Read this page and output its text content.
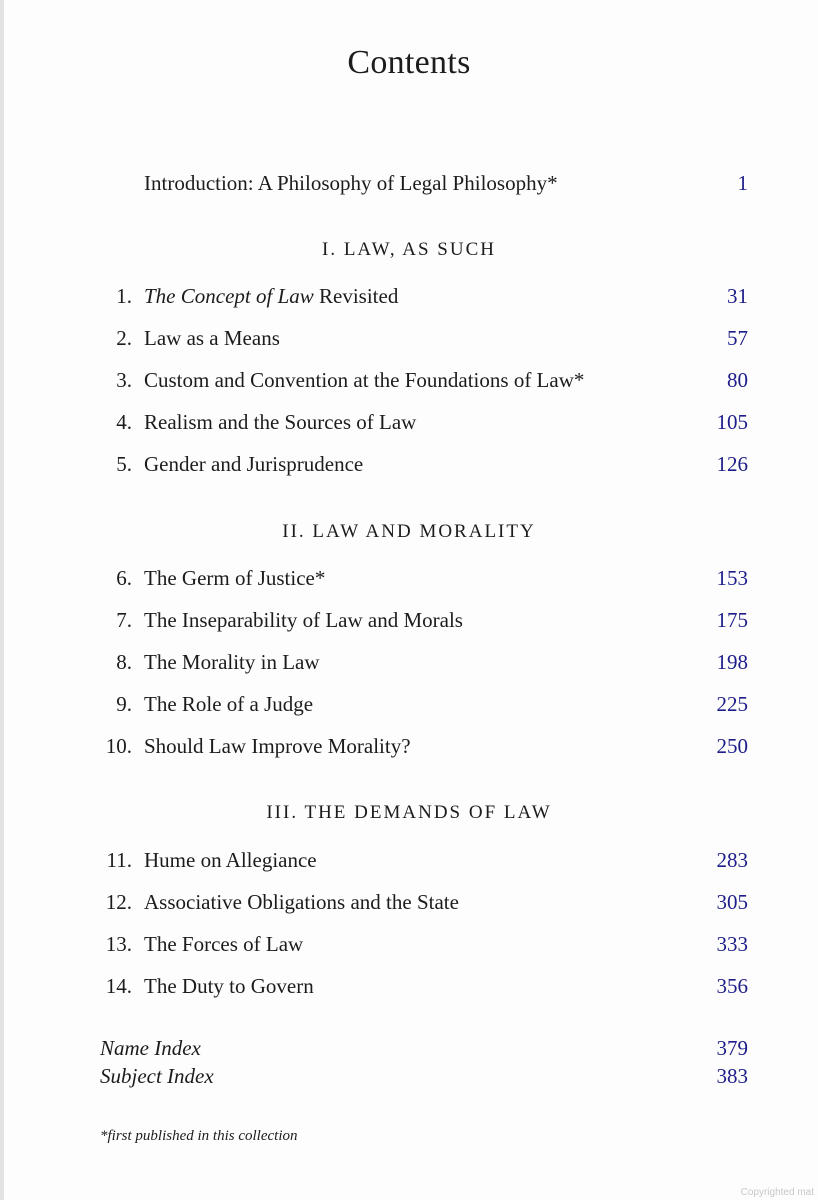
Contents
Introduction: A Philosophy of Legal Philosophy*	1
I. LAW, AS SUCH
1. The Concept of Law Revisited	31
2. Law as a Means	57
3. Custom and Convention at the Foundations of Law*	80
4. Realism and the Sources of Law	105
5. Gender and Jurisprudence	126
II. LAW AND MORALITY
6. The Germ of Justice*	153
7. The Inseparability of Law and Morals	175
8. The Morality in Law	198
9. The Role of a Judge	225
10. Should Law Improve Morality?	250
III. THE DEMANDS OF LAW
11. Hume on Allegiance	283
12. Associative Obligations and the State	305
13. The Forces of Law	333
14. The Duty to Govern	356
Name Index	379
Subject Index	383
*first published in this collection
Copyrighted mat
